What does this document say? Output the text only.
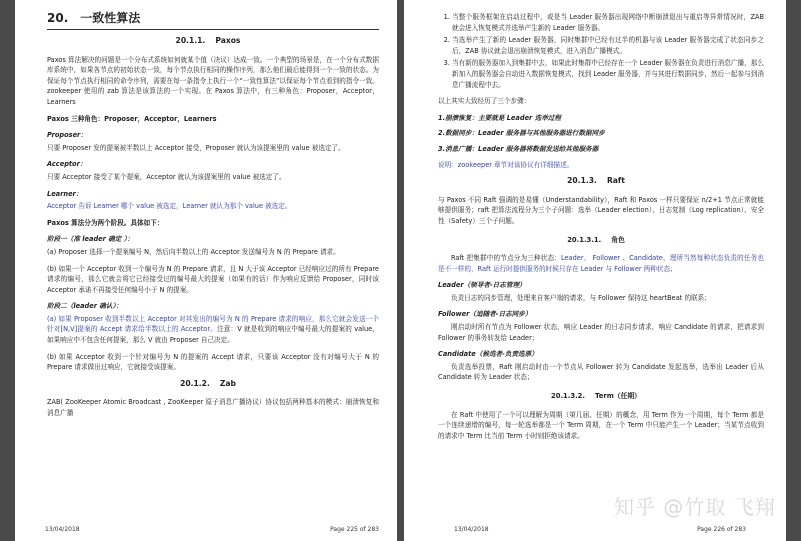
20. 一致性算法
20.1.1. Paxos

Paxos 算法解决的问题是一个分布式系统如何就某个值（决议）达成一致。一个典型的场景是，在一个分布式数据库系统中，如果各节点的初始状态一致，每个节点执行相同的操作序列，那么他们最后能得到一个一致的状态。为保证每个节点执行相同的命令序列，需要在每一条指令上执行一个“一致性算法”以保证每个节点看到的指令一致。zookeeper 使用的 zab 算法是该算法的一个实现。在 Paxos 算法中，有三种角色：Proposer，Acceptor，Learners

Paxos 三种角色：Proposer，Acceptor，Learners

Proposer：

只要 Proposer 发的提案被半数以上 Acceptor 接受，Proposer 就认为该提案里的 value 被选定了。

Acceptor：

只要 Acceptor 接受了某个提案，Acceptor 就认为该提案里的 value 被选定了。

Learner：

Acceptor 告诉 Learner 哪个 value 被选定，Learner 就认为那个 value 被选定。

Paxos 算法分为两个阶段。具体如下：

阶段一（准 leader 确定 ）：

(a) Proposer 选择一个提案编号 N，然后向半数以上的 Acceptor 发送编号为 N 的 Prepare 请求。

(b) 如果一个 Acceptor 收到一个编号为 N 的 Prepare 请求，且 N 大于该 Acceptor 已经响应过的所有 Prepare 请求的编号，那么它就会将它已经接受过的编号最大的提案（如果有的话）作为响应反馈给 Proposer，同时该 Acceptor 承诺不再接受任何编号小于 N 的提案。

阶段二（leader 确认）：

(a) 如果 Proposer 收到半数以上 Acceptor 对其发出的编号为 N 的 Prepare 请求的响应，那么它就会发送一个针对[N,V]提案的 Accept 请求给半数以上的 Acceptor。注意：V 就是收到的响应中编号最大的提案的 value，如果响应中不包含任何提案，那么 V 就由 Proposer 自己决定。

(b) 如果 Acceptor 收到一个针对编号为 N 的提案的 Accept 请求，只要该 Acceptor 没有对编号大于 N 的 Prepare 请求做出过响应，它就接受该提案。

20.1.2. Zab

ZAB( ZooKeeper Atomic Broadcast , ZooKeeper 原子消息广播协议）协议包括两种基本的模式：崩溃恢复和消息广播

13/04/2018	Page 225 of 283
1. 当整个服务框架在启动过程中，或是当 Leader 服务器出现网络中断崩溃退出与重启等异常情况时，ZAB 就会进入恢复模式并选举产生新的 Leader 服务器。
2. 当选举产生了新的 Leader 服务器，同时集群中已经有过半的机器与该 Leader 服务器完成了状态同步之后，ZAB 协议就会退出崩溃恢复模式，进入消息广播模式。
3. 当有新的服务器加入到集群中去，如果此时集群中已经存在一个 Leader 服务器在负责进行消息广播，那么新加入的服务器会自动进入数据恢复模式，找到 Leader 服务器，并与其进行数据同步，然后一起参与到消息广播流程中去。

以上其实大致经历了三个步骤：

1.崩溃恢复：主要就是 Leader 选举过程
2.数据同步：Leader 服务器与其他服务器进行数据同步
3.消息广播：Leader 服务器将数据发送给其他服务器

说明：zookeeper 章节对该协议有详细描述。

20.1.3. Raft

与 Paxos 不同 Raft 强调的是易懂（Understandability），Raft 和 Paxos 一样只要保证 n/2+1 节点正常就能够提供服务；raft 把算法流程分为三个子问题：选举（Leader election）、日志复制（Log replication）、安全性（Safety）三个子问题。

20.1.3.1. 角色

Raft 把集群中的节点分为三种状态：Leader、 Follower 、Candidate，理所当然每种状态负责的任务也是不一样的，Raft 运行时提供服务的时候只存在 Leader 与 Follower 两种状态；

Leader（领导者-日志管理）

负责日志的同步管理，处理来自客户端的请求，与 Follower 保持这 heartBeat 的联系；

Follower（追随者-日志同步）

刚启动时所有节点为 Follower 状态，响应 Leader 的日志同步请求，响应 Candidate 的请求，把请求到 Follower 的事务转发给 Leader；

Candidate（候选者-负责选票）

负责选举投票，Raft 刚启动时由一个节点从 Follower 转为 Candidate 发起选举，选举出 Leader 后从 Candidate 转为 Leader 状态；

20.1.3.2. Term（任期）

在 Raft 中使用了一个可以理解为周期（第几届、任期）的概念，用 Term 作为一个周期，每个 Term 都是一个连续递增的编号，每一轮选举都是一个 Term 周期，在一个 Term 中只能产生一个 Leader；当某节点收到的请求中 Term 比当前 Term 小时则拒绝该请求。

13/04/2018	Page 226 of 283
知乎 @竹取 飞翔
